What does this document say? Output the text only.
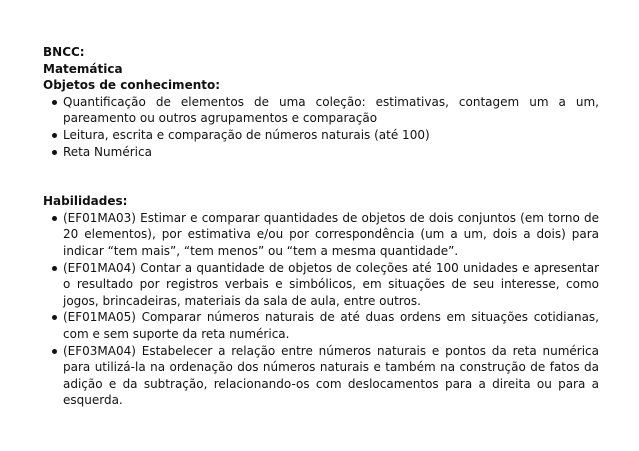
BNCC:

Matemática

Objetos de conhecimento:

Quantificação de elementos de uma coleção: estimativas, contagem um a um, pareamento ou outros agrupamentos e comparação
Leitura, escrita e comparação de números naturais (até 100)
Reta Numérica

Habilidades:

(EF01MA03) Estimar e comparar quantidades de objetos de dois conjuntos (em torno de 20 elementos), por estimativa e/ou por correspondência (um a um, dois a dois) para indicar “tem mais”, “tem menos” ou “tem a mesma quantidade”.
(EF01MA04) Contar a quantidade de objetos de coleções até 100 unidades e apresentar o resultado por registros verbais e simbólicos, em situações de seu interesse, como jogos, brincadeiras, materiais da sala de aula, entre outros.
(EF01MA05) Comparar números naturais de até duas ordens em situações cotidianas, com e sem suporte da reta numérica.
(EF03MA04) Estabelecer a relação entre números naturais e pontos da reta numérica para utilizá-la na ordenação dos números naturais e também na construção de fatos da adição e da subtração, relacionando-os com deslocamentos para a direita ou para a esquerda.
